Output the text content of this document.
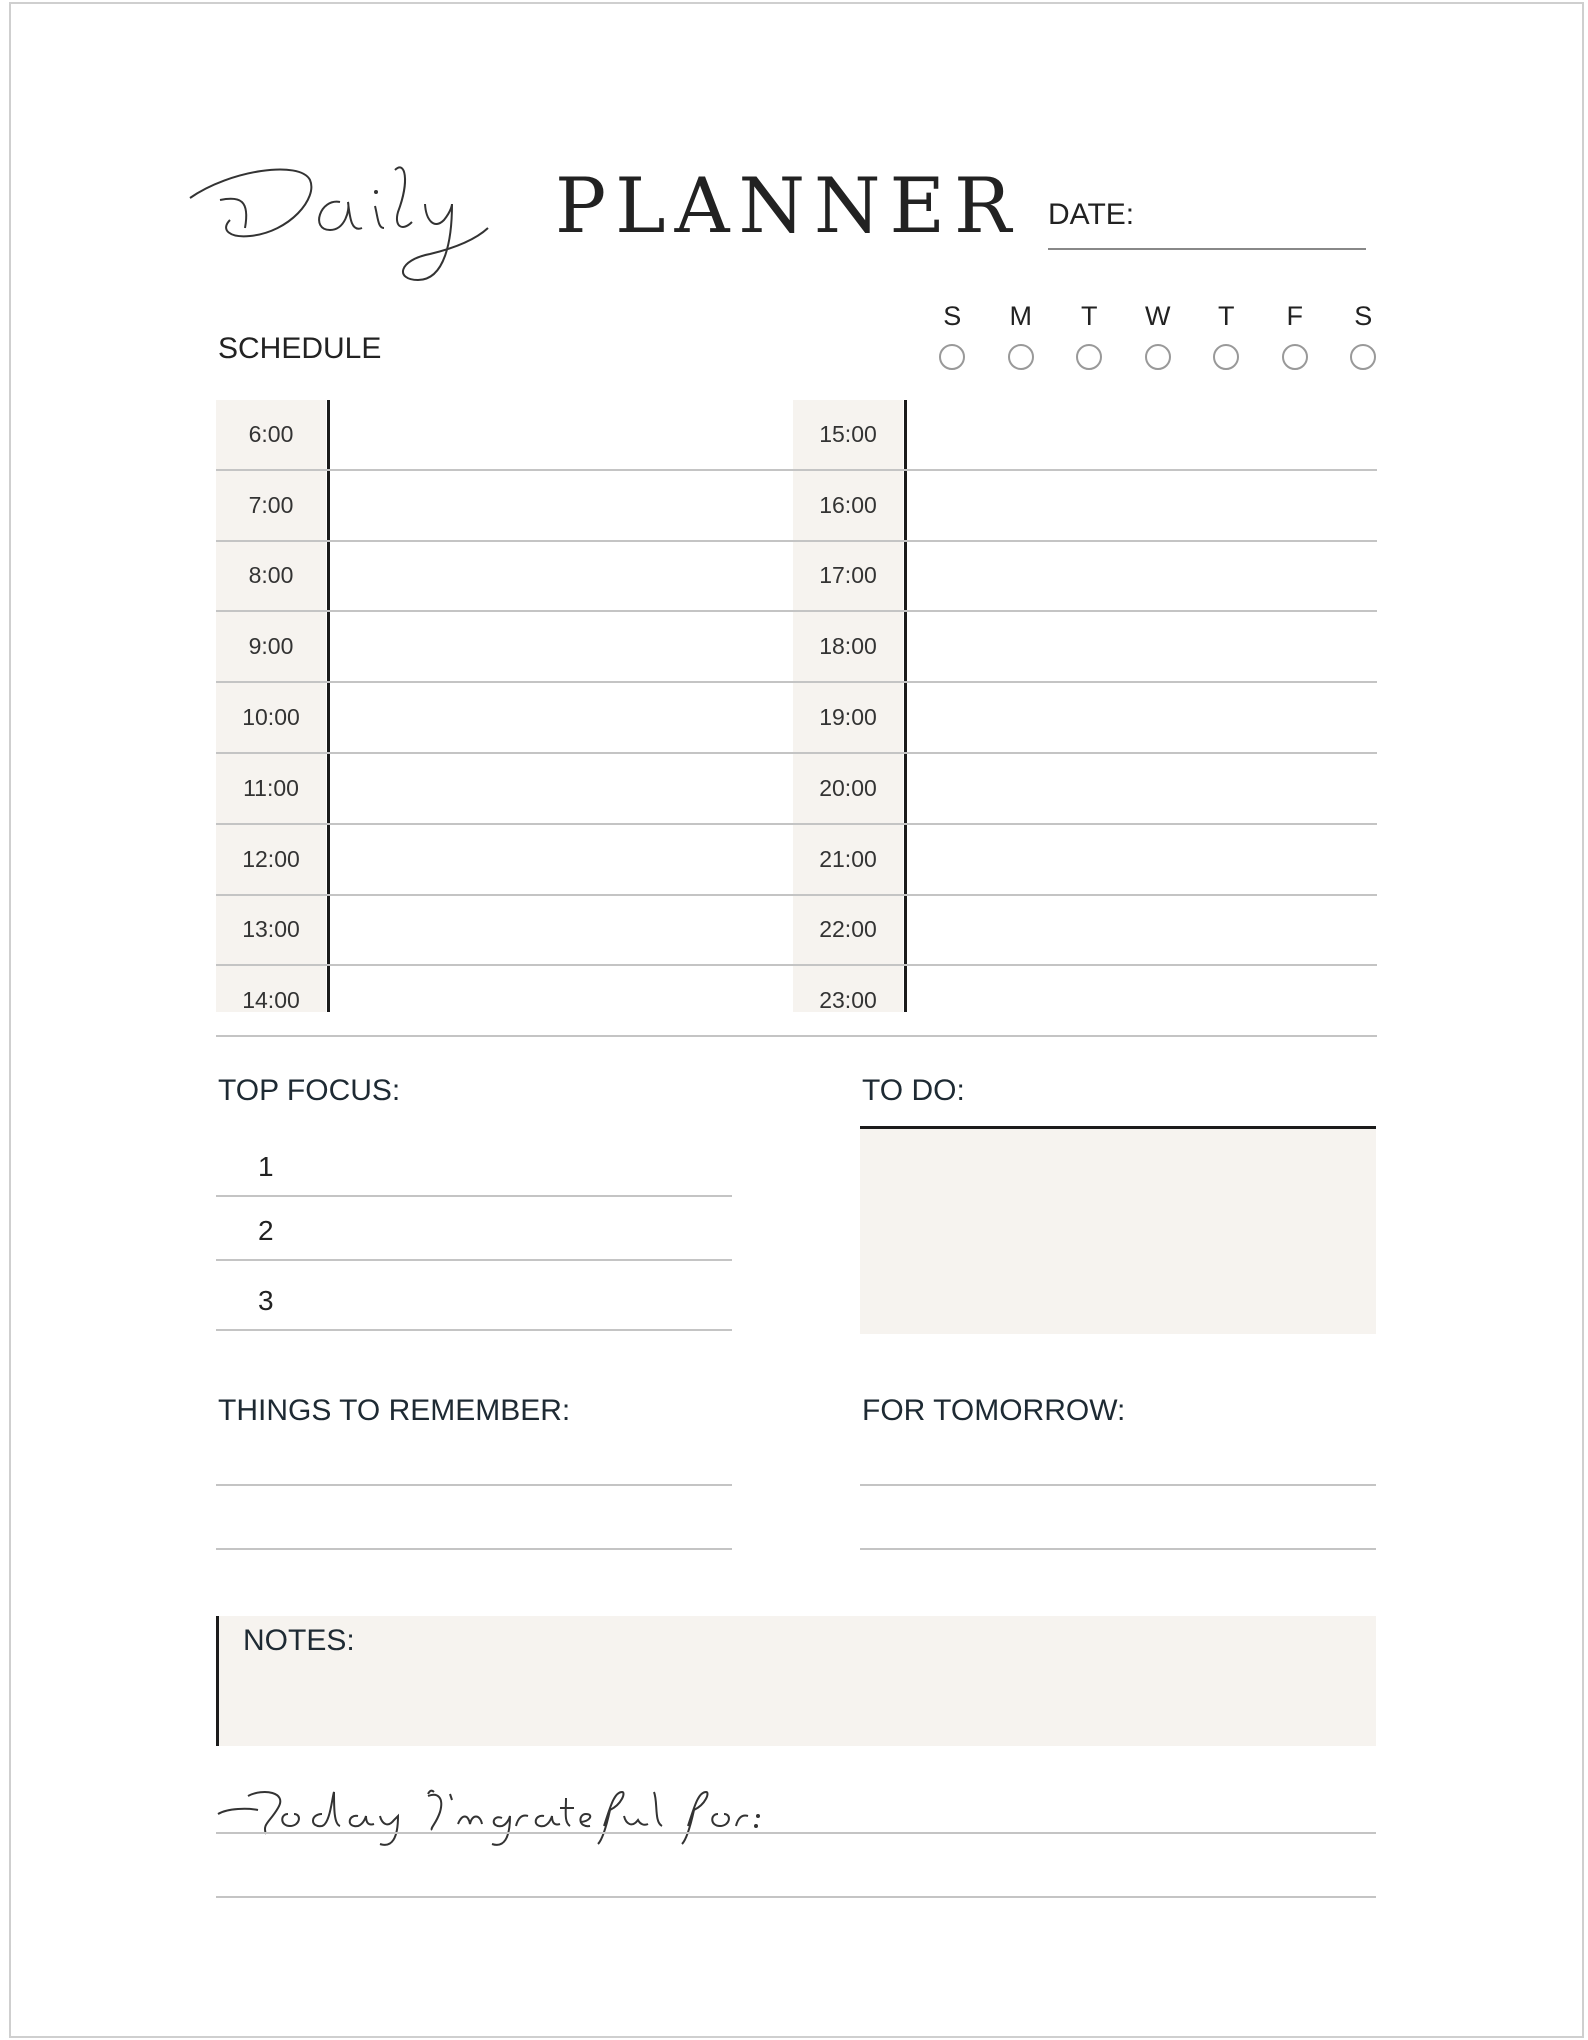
PLANNER DATE:
SCHEDULE
S M T W T F S
6:00
7:00
8:00
9:00
10:00
11:00
12:00
13:00
14:00
15:00
16:00
17:00
18:00
19:00
20:00
21:00
22:00
23:00
TOP FOCUS:
1
2
3
TO DO:
THINGS TO REMEMBER:	FOR TOMORROW:
NOTES:
